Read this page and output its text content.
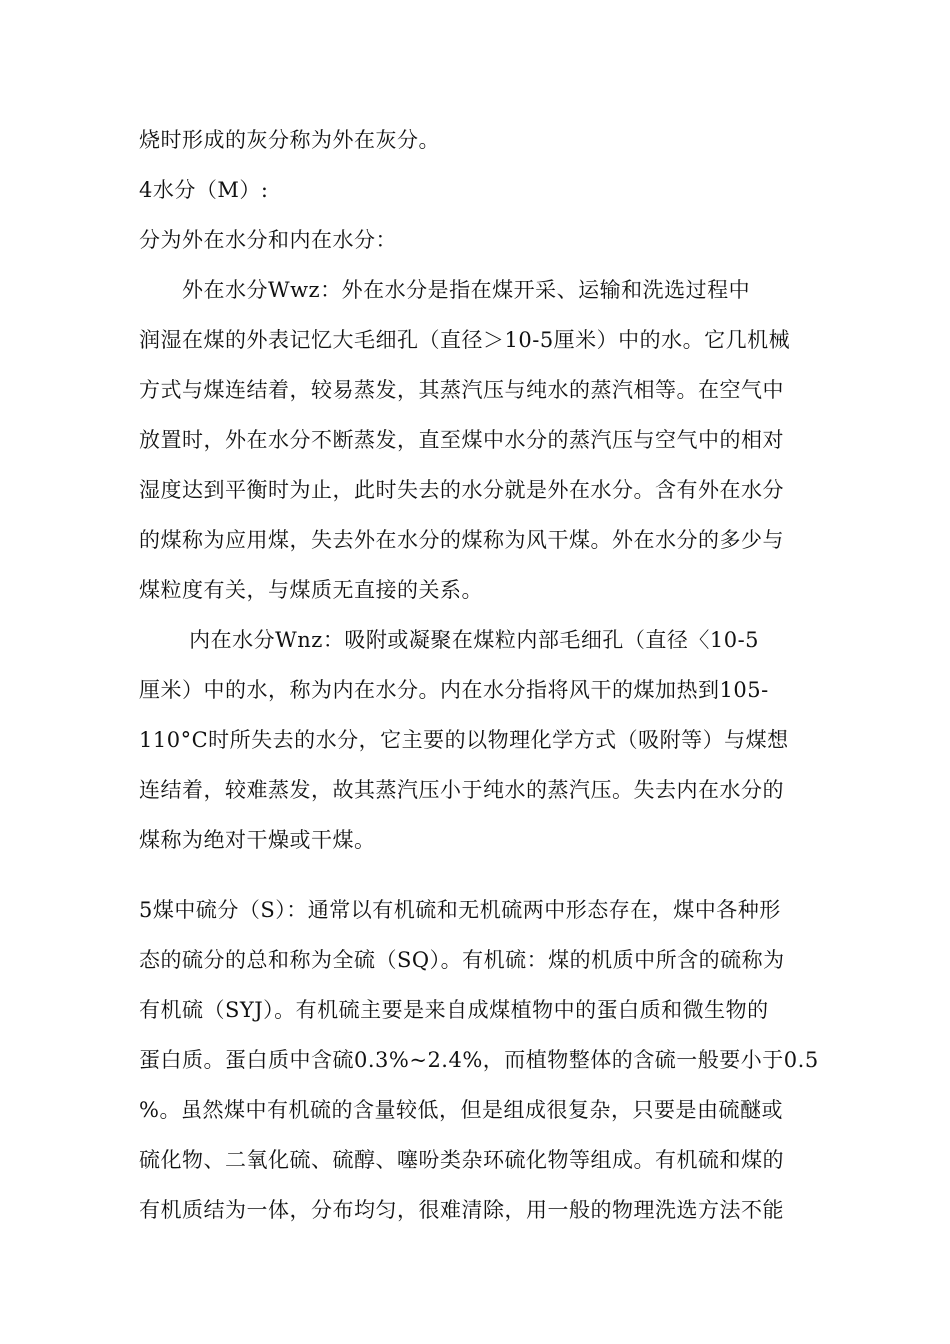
烧时形成的灰分称为外在灰分。
4水分（M）:
分为外在水分和内在水分：
　　外在水分Wwz：外在水分是指在煤开采、运输和洗选过程中
润湿在煤的外表记忆大毛细孔（直径＞10-5厘米）中的水。它几机械
方式与煤连结着，较易蒸发，其蒸汽压与纯水的蒸汽相等。在空气中
放置时，外在水分不断蒸发，直至煤中水分的蒸汽压与空气中的相对
湿度达到平衡时为止，此时失去的水分就是外在水分。含有外在水分
的煤称为应用煤，失去外在水分的煤称为风干煤。外在水分的多少与
煤粒度有关，与煤质无直接的关系。
　　 内在水分Wnz：吸附或凝聚在煤粒内部毛细孔（直径〈10-5
厘米）中的水，称为内在水分。内在水分指将风干的煤加热到105-
110°C时所失去的水分，它主要的以物理化学方式（吸附等）与煤想
连结着，较难蒸发，故其蒸汽压小于纯水的蒸汽压。失去内在水分的
煤称为绝对干燥或干煤。
5煤中硫分（S）：通常以有机硫和无机硫两中形态存在，煤中各种形
态的硫分的总和称为全硫（SQ）。有机硫：煤的机质中所含的硫称为
有机硫（SYJ）。有机硫主要是来自成煤植物中的蛋白质和微生物的
蛋白质。蛋白质中含硫0.3%~2.4%，而植物整体的含硫一般要小于0.5
%。虽然煤中有机硫的含量较低，但是组成很复杂，只要是由硫醚或
硫化物、二氧化硫、硫醇、噻吩类杂环硫化物等组成。有机硫和煤的
有机质结为一体，分布均匀，很难清除，用一般的物理洗选方法不能
